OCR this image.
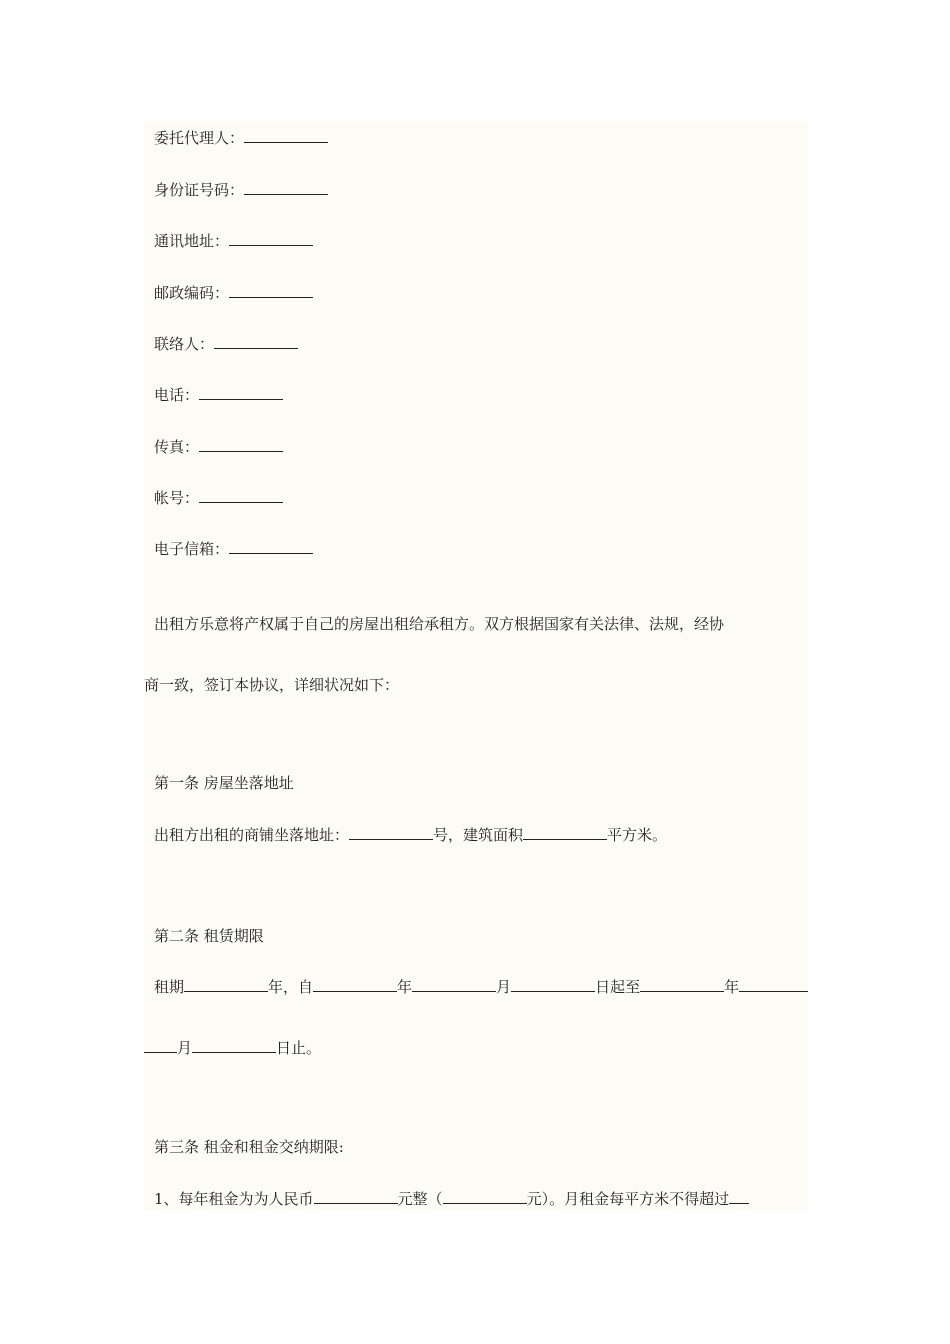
委托代理人：
身份证号码：
通讯地址：
邮政编码：
联络人：
电话：
传真：
帐号：
电子信箱：
出租方乐意将产权属于自己的房屋出租给承租方。双方根据国家有关法律、法规，经协
商一致，签订本协议，详细状况如下：
第一条 房屋坐落地址
出租方出租的商铺坐落地址：	号，建筑面积	平方米。
第二条 租赁期限
租期	年，自	年	月	日起至	年
月	日止。
第三条 租金和租金交纳期限:
1、每年租金为为人民币	元整（	元）。月租金每平方米不得超过
